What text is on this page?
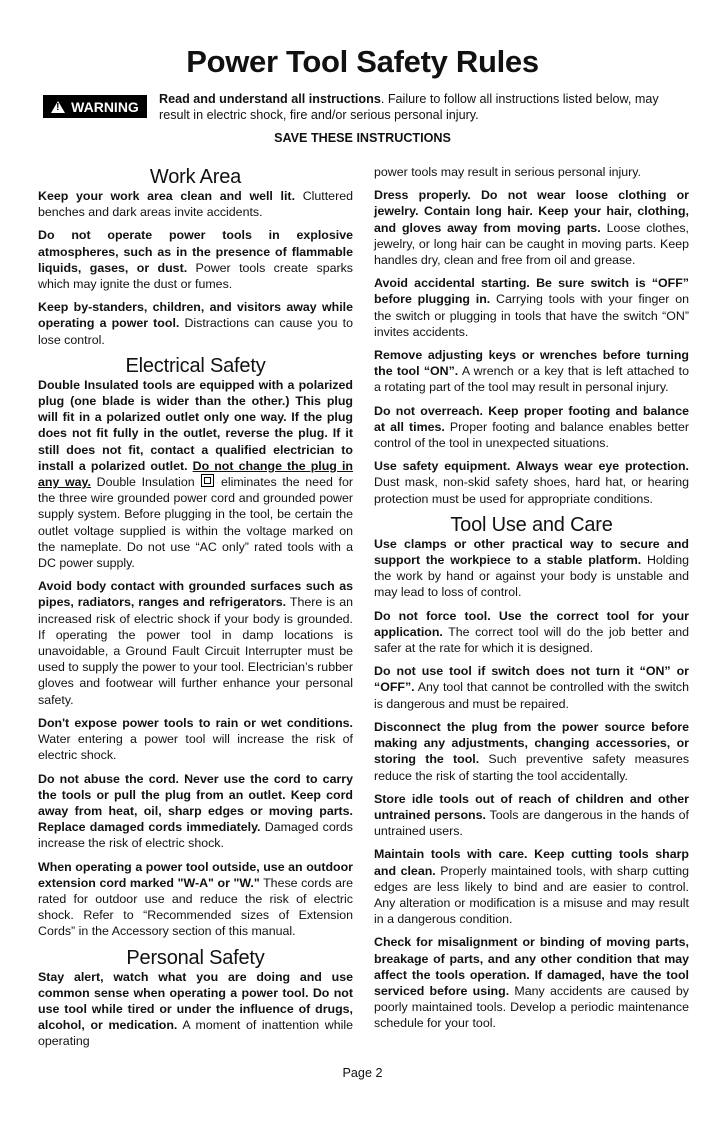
Power Tool Safety Rules
! WARNING Read and understand all instructions. Failure to follow all instructions listed below, may result in electric shock, fire and/or serious personal injury.
SAVE THESE INSTRUCTIONS
Work Area

Keep your work area clean and well lit. Cluttered benches and dark areas invite accidents.

Do not operate power tools in explosive atmospheres, such as in the presence of flammable liquids, gases, or dust. Power tools create sparks which may ignite the dust or fumes.

Keep by-standers, children, and visitors away while operating a power tool. Distractions can cause you to lose control.

Electrical Safety

Double Insulated tools are equipped with a polarized plug (one blade is wider than the other.) This plug will fit in a polarized outlet only one way. If the plug does not fit fully in the outlet, reverse the plug. If it still does not fit, contact a qualified electrician to install a polarized outlet. Do not change the plug in any way. Double Insulation  eliminates the need for the three wire grounded power cord and grounded power supply system. Before plugging in the tool, be certain the outlet voltage supplied is within the voltage marked on the nameplate. Do not use “AC only” rated tools with a DC power supply.

Avoid body contact with grounded surfaces such as pipes, radiators, ranges and refrigerators. There is an increased risk of electric shock if your body is grounded. If operating the power tool in damp locations is unavoidable, a Ground Fault Circuit Interrupter must be used to supply the power to your tool. Electrician’s rubber gloves and footwear will further enhance your personal safety.

Don't expose power tools to rain or wet conditions. Water entering a power tool will increase the risk of electric shock.

Do not abuse the cord. Never use the cord to carry the tools or pull the plug from an outlet. Keep cord away from heat, oil, sharp edges or moving parts. Replace damaged cords immediately. Damaged cords increase the risk of electric shock.

When operating a power tool outside, use an outdoor extension cord marked "W-A" or "W." These cords are rated for outdoor use and reduce the risk of electric shock. Refer to “Recommended sizes of Extension Cords” in the Accessory section of this manual.

Personal Safety

Stay alert, watch what you are doing and use common sense when operating a power tool. Do not use tool while tired or under the influence of drugs, alcohol, or medication. A moment of inattention while operating

power tools may result in serious personal injury.

Dress properly. Do not wear loose clothing or jewelry. Contain long hair. Keep your hair, clothing, and gloves away from moving parts. Loose clothes, jewelry, or long hair can be caught in moving parts. Keep handles dry, clean and free from oil and grease.

Avoid accidental starting. Be sure switch is “OFF” before plugging in. Carrying tools with your finger on the switch or plugging in tools that have the switch “ON” invites accidents.

Remove adjusting keys or wrenches before turning the tool “ON”. A wrench or a key that is left attached to a rotating part of the tool may result in personal injury.

Do not overreach. Keep proper footing and balance at all times. Proper footing and balance enables better control of the tool in unexpected situations.

Use safety equipment. Always wear eye protection. Dust mask, non-skid safety shoes, hard hat, or hearing protection must be used for appropriate conditions.

Tool Use and Care

Use clamps or other practical way to secure and support the workpiece to a stable platform. Holding the work by hand or against your body is unstable and may lead to loss of control.

Do not force tool. Use the correct tool for your application. The correct tool will do the job better and safer at the rate for which it is designed.

Do not use tool if switch does not turn it “ON” or “OFF”. Any tool that cannot be controlled with the switch is dangerous and must be repaired.

Disconnect the plug from the power source before making any adjustments, changing accessories, or storing the tool. Such preventive safety measures reduce the risk of starting the tool accidentally.

Store idle tools out of reach of children and other untrained persons. Tools are dangerous in the hands of untrained users.

Maintain tools with care. Keep cutting tools sharp and clean. Properly maintained tools, with sharp cutting edges are less likely to bind and are easier to control. Any alteration or modification is a misuse and may result in a dangerous condition.

Check for misalignment or binding of moving parts, breakage of parts, and any other condition that may affect the tools operation. If damaged, have the tool serviced before using. Many accidents are caused by poorly maintained tools. Develop a periodic maintenance schedule for your tool.

Page 2
